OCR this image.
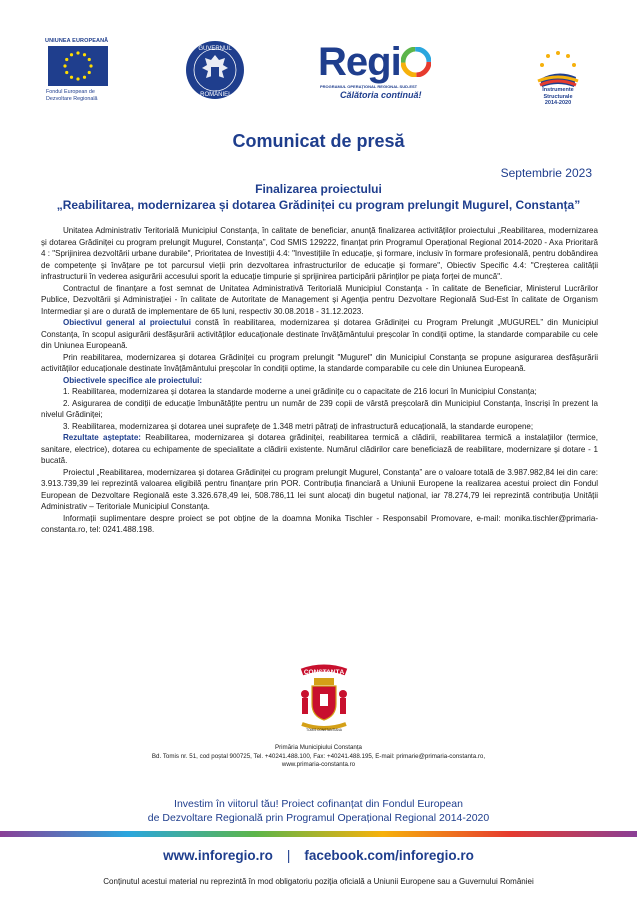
UNIUNEA EUROPEANĂ
Fondul European de
Dezvoltare Regională
GUVERNUL
ROMÂNIEI
Regi
PROGRAMUL OPERAȚIONAL REGIONAL SUD-EST
Călătoria continuă!	Instrumente Structurale
2014-2020
Comunicat de presă
Septembrie 2023
Finalizarea proiectului
„Reabilitarea, modernizarea și dotarea Grădiniței cu program prelungit Mugurel, Constanța”

Unitatea Administrativ Teritorială Municipiul Constanța, în calitate de beneficiar, anunță finalizarea activităților proiectului „Reabilitarea, modernizarea și dotarea Grădiniței cu program prelungit Mugurel, Constanța”, Cod SMIS 129222, finanțat prin Programul Operațional Regional 2014-2020 - Axa Prioritară 4 : "Sprijinirea dezvoltării urbane durabile", Prioritatea de Investiții 4.4: "Investițiile în educație, și formare, inclusiv în formare profesională, pentru dobândirea de competențe și învățare pe tot parcursul vieții prin dezvoltarea infrastructurilor de educație și formare", Obiectiv Specific 4.4: "Creșterea calității infrastructurii în vederea asigurării accesului sporit la educație timpurie și sprijinirea participării părinților pe piața forței de muncă".

Contractul de finanțare a fost semnat de Unitatea Administrativă Teritorială Municipiul Constanța - în calitate de Beneficiar, Ministerul Lucrărilor Publice, Dezvoltării și Administrației - în calitate de Autoritate de Management și Agenția pentru Dezvoltare Regională Sud-Est în calitate de Organism Intermediar și are o durată de implementare de 65 luni, respectiv 30.08.2018 - 31.12.2023.

Obiectivul general al proiectului constă în reabilitarea, modernizarea și dotarea Grădiniței cu Program Prelungit „MUGUREL” din Municipiul Constanța, în scopul asigurării desfășurării activităților educaționale destinate învățământului preșcolar în condiții optime, la standarde comparabile cu cele din Uniunea Europeană.

Prin reabilitarea, modernizarea și dotarea Grădiniței cu program prelungit "Mugurel" din Municipiul Constanța se propune asigurarea desfășurării activităților educaționale destinate învățământului preșcolar în condiții optime, la standarde comparabile cu cele din Uniunea Europeană.

Obiectivele specifice ale proiectului:

1. Reabilitarea, modernizarea și dotarea la standarde moderne a unei grădinițe cu o capacitate de 216 locuri în Municipiul Constanța;

2. Asigurarea de condiții de educație îmbunătățite pentru un număr de 239 copii de vârstă preșcolară din Municipiul Constanța, înscriși în prezent la nivelul Grădiniței;

3. Reabilitarea, modernizarea și dotarea unei suprafețe de 1.348 metri pătrați de infrastructură educațională, la standarde europene;

Rezultate așteptate: Reabilitarea, modernizarea și dotarea grădiniței, reabilitarea termică a clădirii, reabilitarea termică a instalațiilor (termice, sanitare, electrice), dotarea cu echipamente de specialitate a clădirii existente. Numărul clădirilor care beneficiază de reabilitare, modernizare și dotare - 1 bucată.

Proiectul „Reabilitarea, modernizarea și dotarea Grădiniței cu program prelungit Mugurel, Constanța” are o valoare totală de 3.987.982,84 lei din care: 3.913.739,39 lei reprezintă valoarea eligibilă pentru finanțare prin POR. Contribuția financiară a Uniunii Europene la realizarea acestui proiect din Fondul European de Dezvoltare Regională este 3.326.678,49 lei, 508.786,11 lei sunt alocați din bugetul național, iar 78.274,79 lei reprezintă contribuția Unității Administrativ – Teritoriale Municipiul Constanța.

Informații suplimentare despre proiect se pot obține de la doamna Monika Tischler - Responsabil Promovare, e-mail: monika.tischler@primaria-constanta.ro, tel: 0241.488.198.

CONSTANȚA
TOMIS CONSTANTIANA
Primăria Municipiului Constanța
Bd. Tomis nr. 51, cod poștal 900725, Tel. +40241.488.100, Fax: +40241.488.195, E-mail: primarie@primaria-constanta.ro,
www.primaria-constanta.ro
Investim în viitorul tău! Proiect cofinanțat din Fondul European
de Dezvoltare Regională prin Programul Operațional Regional 2014-2020
www.inforegio.ro | facebook.com/inforegio.ro
Conținutul acestui material nu reprezintă în mod obligatoriu poziția oficială a Uniunii Europene sau a Guvernului României
